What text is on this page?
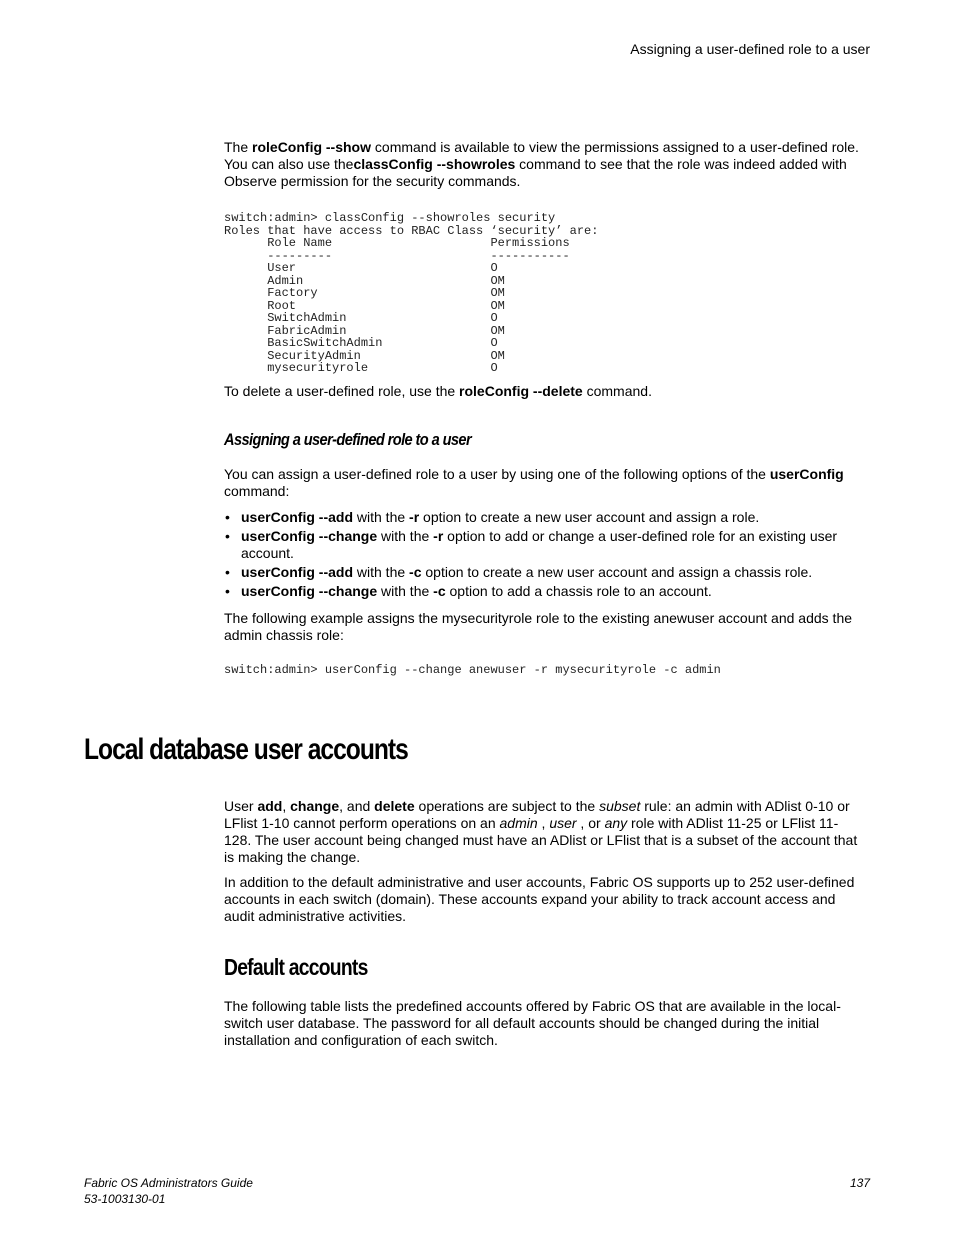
Assigning a user-defined role to a user

The roleConfig --show command is available to view the permissions assigned to a user-defined role. You can also use theclassConfig --showroles command to see that the role was indeed added with Observe permission for the security commands.

switch:admin> classConfig --showroles security
Roles that have access to RBAC Class ‘security’ are:
Role Name                      Permissions
---------                      -----------
User                           O
Admin                          OM
Factory                        OM
Root                           OM
SwitchAdmin                    O
FabricAdmin                    OM
BasicSwitchAdmin               O
SecurityAdmin                  OM
mysecurityrole                 O

To delete a user-defined role, use the roleConfig --delete command.

Assigning a user-defined role to a user

You can assign a user-defined role to a user by using one of the following options of the userConfig command:

• userConfig --add with the -r option to create a new user account and assign a role.
• userConfig --change with the -r option to add or change a user-defined role for an existing user account.
• userConfig --add with the -c option to create a new user account and assign a chassis role.
• userConfig --change with the -c option to add a chassis role to an account.

The following example assigns the mysecurityrole role to the existing anewuser account and adds the admin chassis role:

switch:admin> userConfig --change anewuser -r mysecurityrole -c admin
Local database user accounts

User add, change, and delete operations are subject to the subset rule: an admin with ADlist 0-10 or LFlist 1-10 cannot perform operations on an admin , user , or any role with ADlist 11-25 or LFlist 11-128. The user account being changed must have an ADlist or LFlist that is a subset of the account that is making the change.

In addition to the default administrative and user accounts, Fabric OS supports up to 252 user-defined accounts in each switch (domain). These accounts expand your ability to track account access and audit administrative activities.

Default accounts

The following table lists the predefined accounts offered by Fabric OS that are available in the local-switch user database. The password for all default accounts should be changed during the initial installation and configuration of each switch.

Fabric OS Administrators Guide
53-1003130-01
137
